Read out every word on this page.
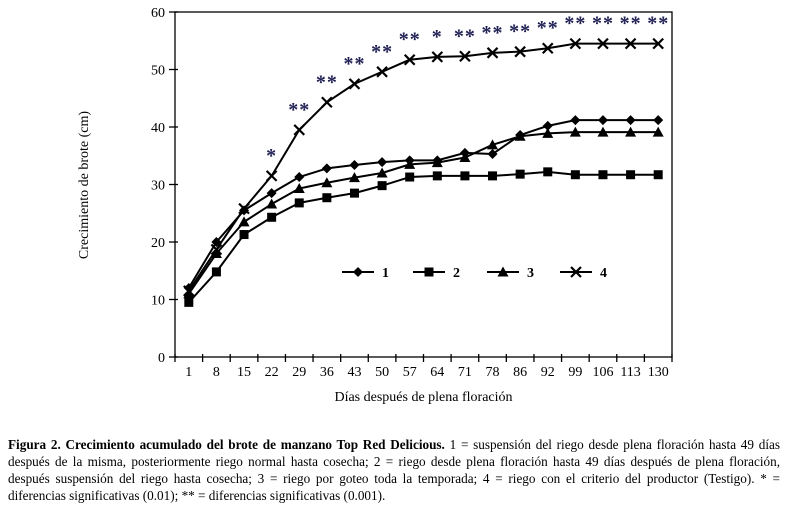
0
10
20
30
40
50
60
1 8 15 22 29 36 43 50 57 64 71 78 86 92 99 106 113 130
Crecimiento de brote (cm)
Días después de plena floración
*
**
**
**
**
** * ** ** ** ** ** ** ** **
1	2	3	4
Figura 2. Crecimiento acumulado del brote de manzano Top Red Delicious. 1 = suspensión del riego desde plena floración hasta 49 días después de la misma, posteriormente riego normal hasta cosecha; 2 = riego desde plena floración hasta 49 días después de plena floración, después suspensión del riego hasta cosecha; 3 = riego por goteo toda la temporada; 4 = riego con el criterio del productor (Testigo). * = diferencias significativas (0.01); ** = diferencias significativas (0.001).
